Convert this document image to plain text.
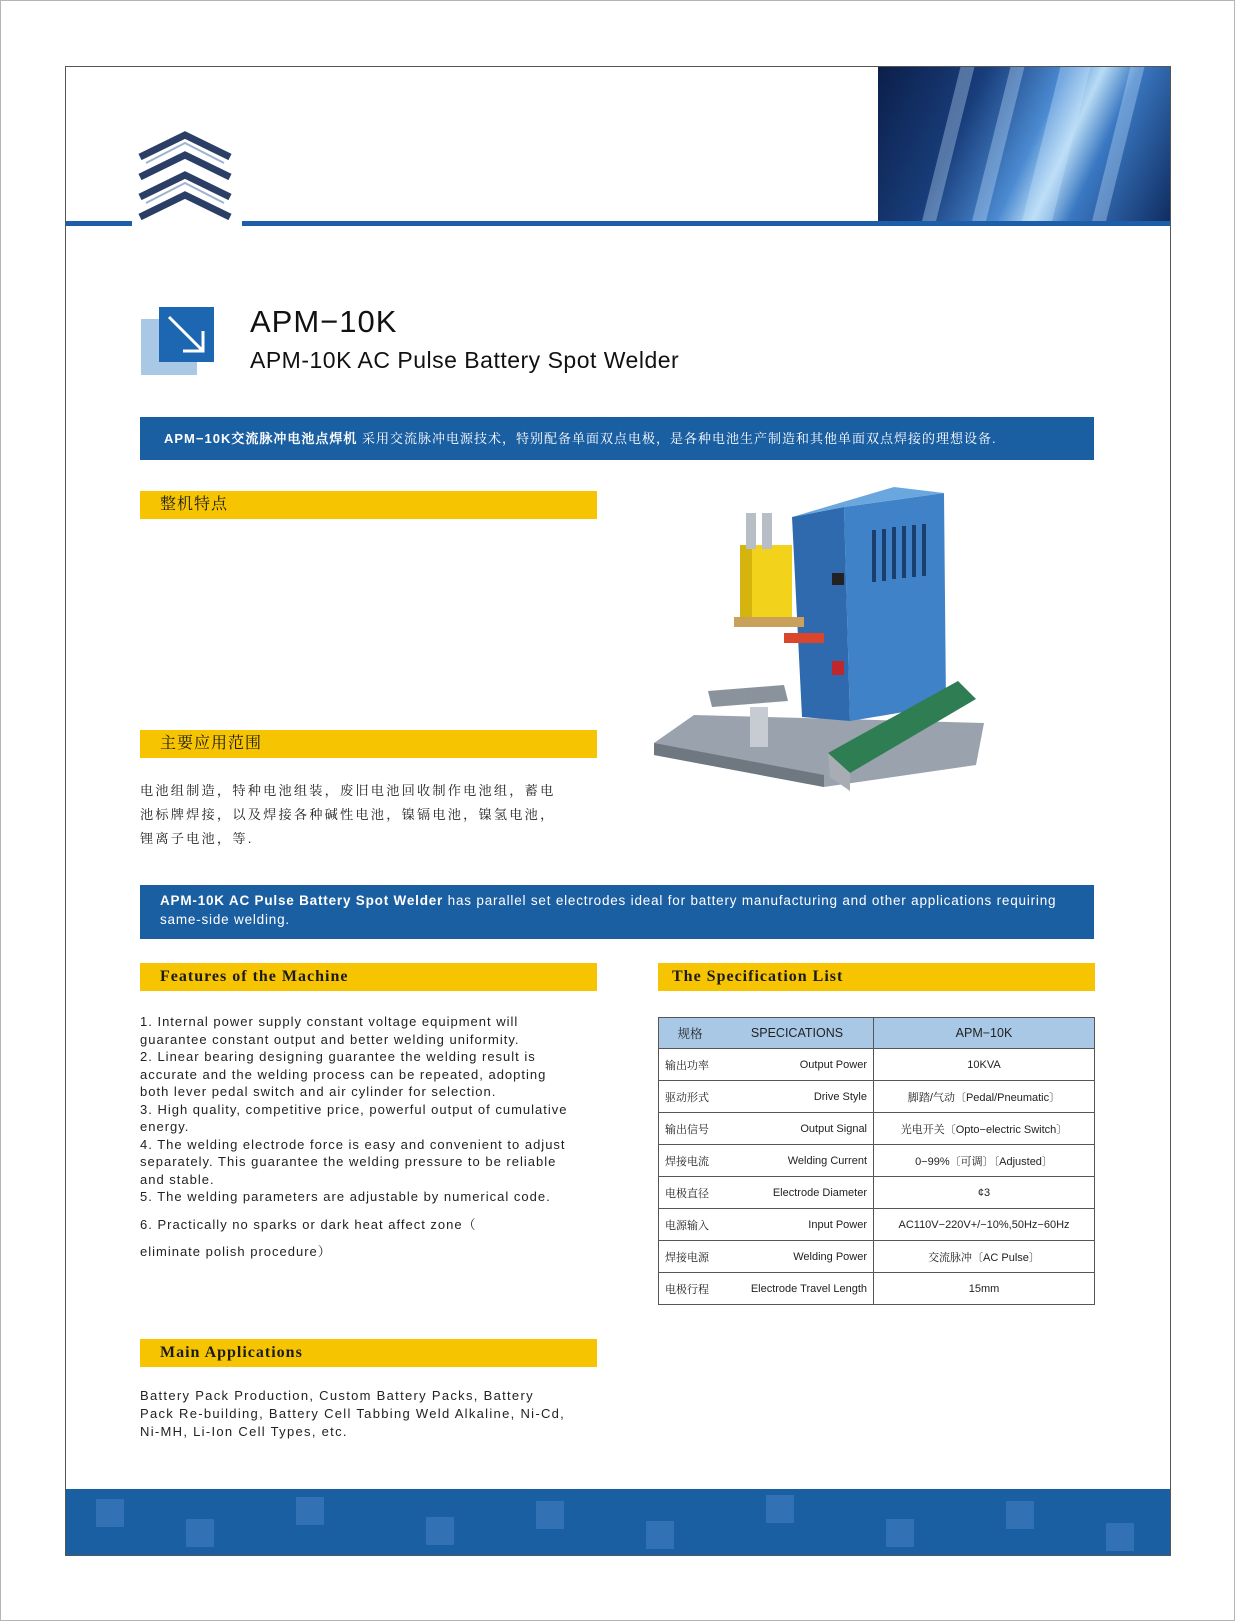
APM−10K
APM-10K AC Pulse Battery Spot Welder
APM−10K交流脉冲电池点焊机 采用交流脉冲电源技术，特别配备单面双点电极，是各种电池生产制造和其他单面双点焊接的理想设备.
整机特点
主要应用范围
电池组制造，特种电池组装，废旧电池回收制作电池组，蓄电池标牌焊接，以及焊接各种碱性电池，镍镉电池，镍氢电池，锂离子电池，等.
APM-10K AC Pulse Battery Spot Welder has parallel set electrodes ideal for battery manufacturing and other applications requiring same-side welding.
Features of the Machine
1. Internal power supply constant voltage equipment will guarantee constant output and better welding uniformity.
2. Linear bearing designing guarantee the welding result is accurate and the welding process can be repeated, adopting both lever pedal switch and air cylinder for selection.
3. High quality, competitive price, powerful output of cumulative energy.
4. The welding electrode force is easy and convenient to adjust separately. This guarantee the welding pressure to be reliable and stable.
5. The welding parameters are adjustable by numerical code.
6. Practically no sparks or dark heat affect zone（
eliminate polish procedure）
Main Applications
Battery Pack Production, Custom Battery Packs, Battery Pack Re-building, Battery Cell Tabbing Weld Alkaline, Ni-Cd, Ni-MH, Li-Ion Cell Types, etc.
The Specification List
规格	SPECICATIONS	APM−10K
输出功率	Output Power	10KVA
驱动形式	Drive Style	脚踏/气动〔Pedal/Pneumatic〕
输出信号	Output Signal	光电开关〔Opto−electric Switch〕
焊接电流	Welding Current	0−99%〔可调〕〔Adjusted〕
电极直径	Electrode Diameter	¢3
电源输入	Input Power	AC110V−220V+/−10%,50Hz−60Hz
焊接电源	Welding Power	交流脉冲〔AC Pulse〕
电极行程	Electrode Travel Length	15mm
